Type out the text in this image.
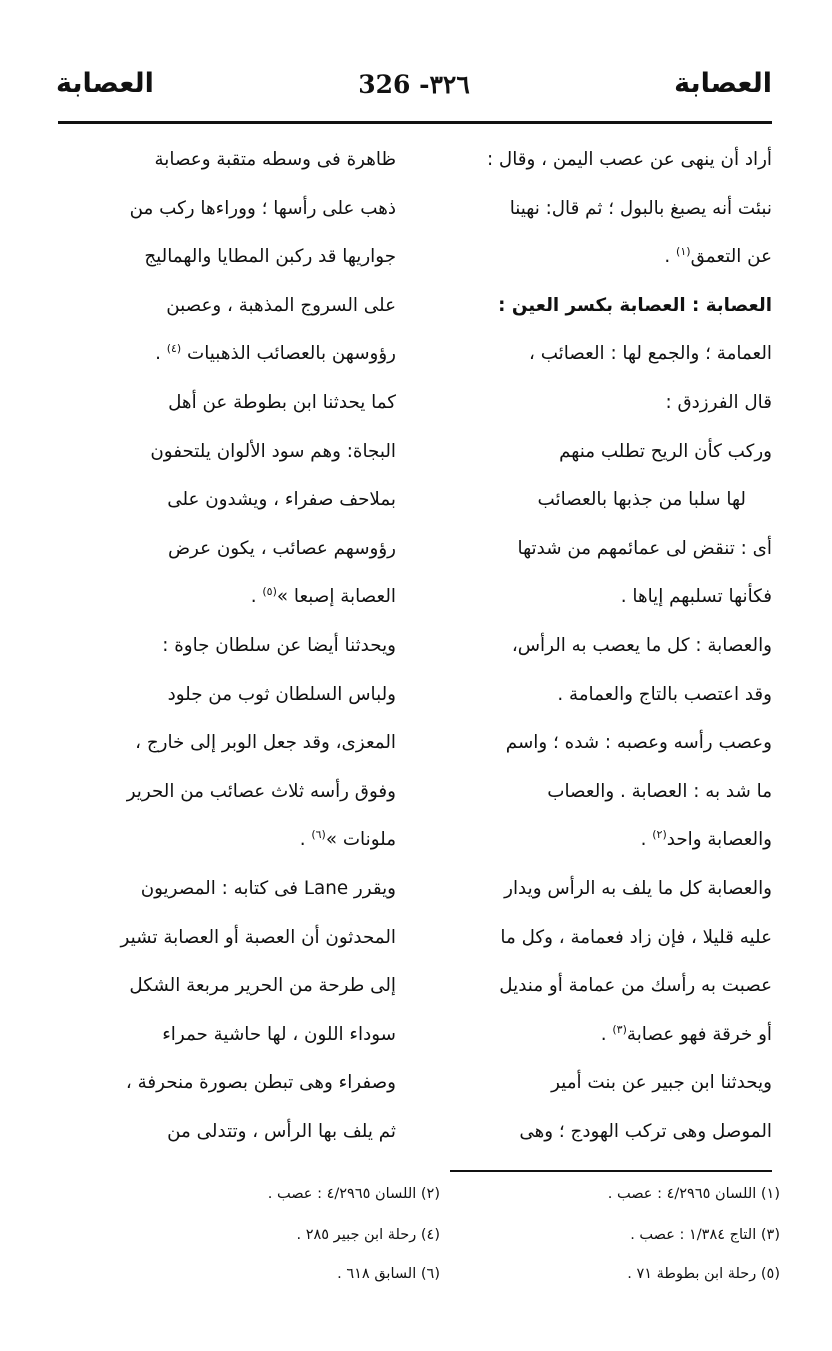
العصابة
326 -٣٢٦
العصابة

أراد أن ينهى عن عصب اليمن ، وقال :

نبئت أنه يصبغ بالبول ؛ ثم قال: نهينا

عن التعمق$^{(١)}$ .

العصابة : العصابة بكسر العين :

العمامة ؛ والجمع لها : العصائب ،

قال الفرزدق :

وركب كأن الريح تطلب منهم

لها سلبا من جذبها بالعصائب

أى : تنقض لى عمائمهم من شدتها

فكأنها تسلبهم إياها .

والعصابة : كل ما يعصب به الرأس،

وقد اعتصب بالتاج والعمامة .

وعصب رأسه وعصبه : شده ؛ واسم

ما شد به : العصابة . والعصاب

والعصابة واحد$^{(٢)}$ .

والعصابة كل ما يلف به الرأس ويدار

عليه قليلا ، فإن زاد فعمامة ، وكل ما

عصبت به رأسك من عمامة أو منديل

أو خرقة فهو عصابة$^{(٣)}$ .

ويحدثنا ابن جبير عن بنت أمير

الموصل وهى تركب الهودج ؛ وهى

ظاهرة فى وسطه متقبة وعصابة

ذهب على رأسها ؛ ووراءها ركب من

جواريها قد ركبن المطايا والهماليج

على السروج المذهبة ، وعصبن

رؤوسهن بالعصائب الذهبيات $^{(٤)}$ .

كما يحدثنا ابن بطوطة عن أهل

البجاة: وهم سود الألوان يلتحفون

بملاحف صفراء ، ويشدون على

رؤوسهم عصائب ، يكون عرض

العصابة إصبعا »$^{(٥)}$ .

ويحدثنا أيضا عن سلطان جاوة :

ولباس السلطان ثوب من جلود

المعزى، وقد جعل الوبر إلى خارج ،

وفوق رأسه ثلاث عصائب من الحرير

ملونات »$^{(٦)}$ .

ويقرر Lane فى كتابه : المصريون

المحدثون أن العصبة أو العصابة تشير

إلى طرحة من الحرير مربعة الشكل

سوداء اللون ، لها حاشية حمراء

وصفراء وهى تبطن بصورة منحرفة ،

ثم يلف بها الرأس ، وتتدلى من

(١) اللسان ٤/٢٩٦٥ : عصب .
(٢) اللسان ٤/٢٩٦٥ : عصب .
(٣) التاج ١/٣٨٤ : عصب .
(٤) رحلة ابن جبير ٢٨٥ .
(٥) رحلة ابن بطوطة ٧١ .
(٦) السابق ٦١٨ .
